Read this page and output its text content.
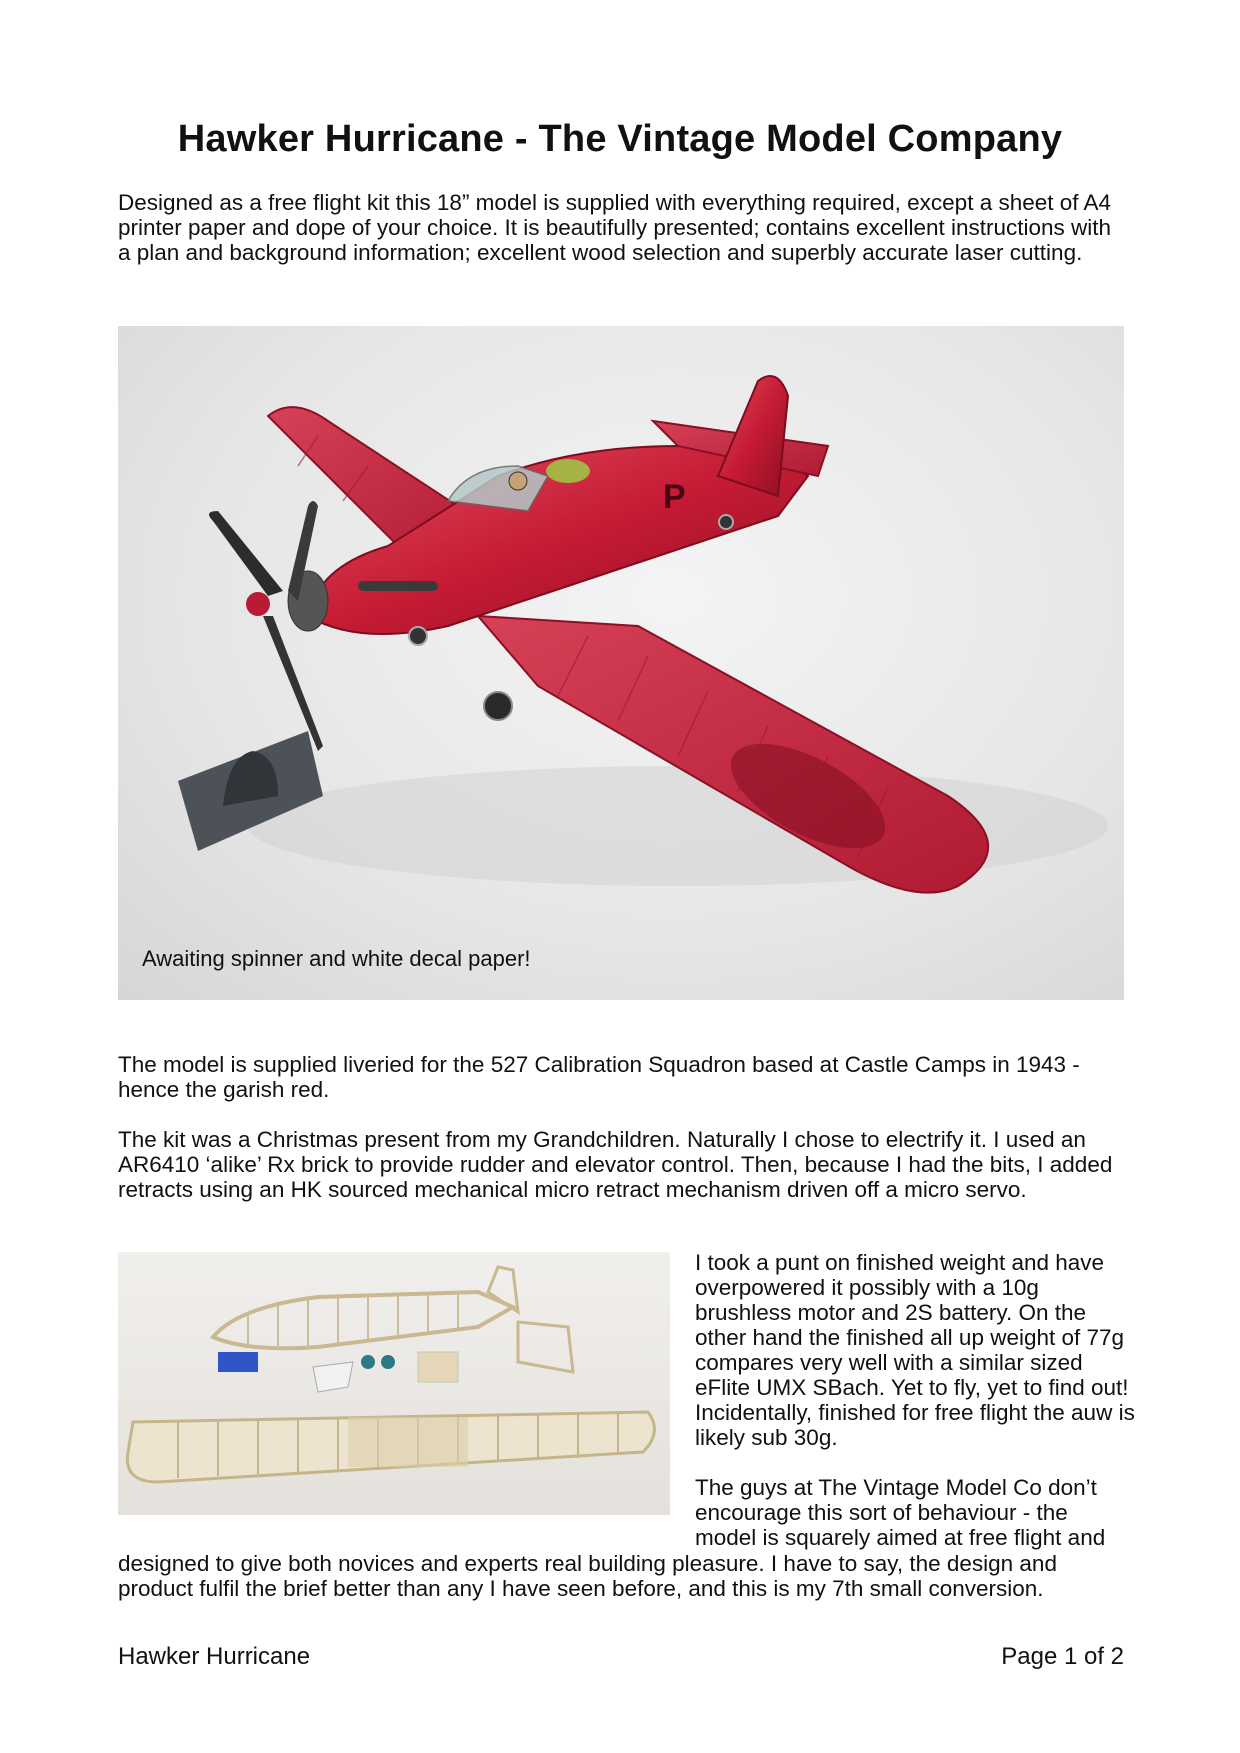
Hawker Hurricane - The Vintage Model Company
Designed as a free flight kit this 18” model is supplied with everything required, except a sheet of A4 printer paper and dope of your choice. It is beautifully presented; contains excellent instructions with a plan and background information; excellent wood selection and superbly accurate laser cutting.
P
Awaiting spinner and white decal paper!
The model is supplied liveried for the 527 Calibration Squadron based at Castle Camps in 1943 - hence the garish red.
The kit was a Christmas present from my Grandchildren. Naturally I chose to electrify it. I used an AR6410 ‘alike’ Rx brick to provide rudder and elevator control. Then, because I had the bits, I added retracts using an HK sourced mechanical micro retract mechanism driven off a micro servo.

I took a punt on finished weight and have overpowered it possibly with a 10g brushless motor and 2S battery. On the other hand the finished all up weight of 77g compares very well with a similar sized eFlite UMX SBach. Yet to fly, yet to find out! Incidentally, finished for free flight the auw is likely sub 30g.

The guys at The Vintage Model Co don’t encourage this sort of behaviour - the model is squarely aimed at free flight and

designed to give both novices and experts real building pleasure. I have to say, the design and
product fulfil the brief better than any I have seen before, and this is my 7th small conversion.
Hawker Hurricane	Page 1 of 2
